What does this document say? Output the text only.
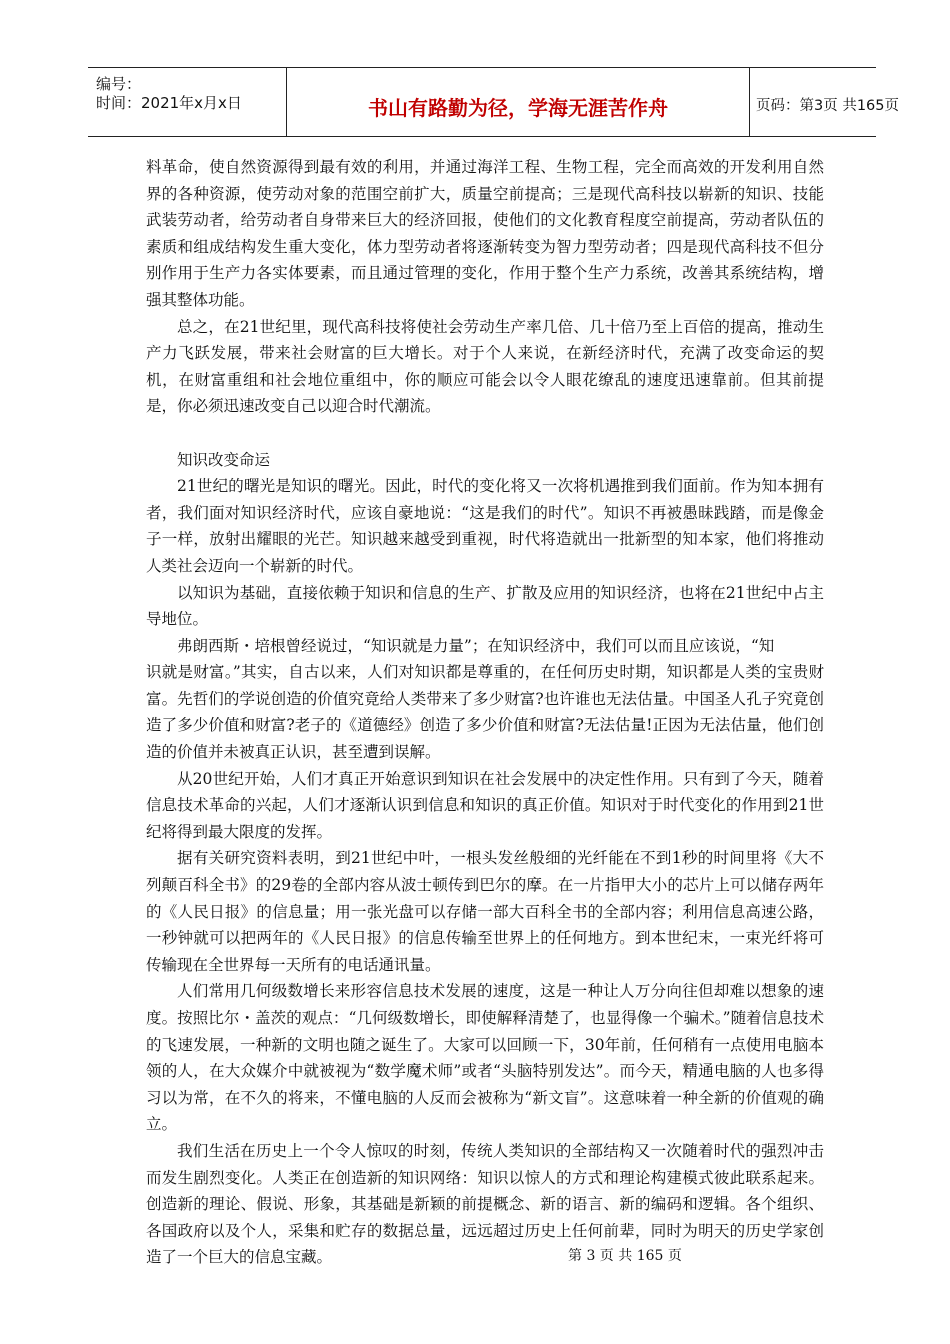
编号：
时间：2021年x月x日	书山有路勤为径，学海无涯苦作舟	页码：第3页 共165页

料革命，使自然资源得到最有效的利用，并通过海洋工程、生物工程，完全而高效的开发利用自然界的各种资源，使劳动对象的范围空前扩大，质量空前提高；三是现代高科技以崭新的知识、技能武装劳动者，给劳动者自身带来巨大的经济回报，使他们的文化教育程度空前提高，劳动者队伍的素质和组成结构发生重大变化，体力型劳动者将逐渐转变为智力型劳动者；四是现代高科技不但分别作用于生产力各实体要素，而且通过管理的变化，作用于整个生产力系统，改善其系统结构，增强其整体功能。

总之，在21世纪里，现代高科技将使社会劳动生产率几倍、几十倍乃至上百倍的提高，推动生产力飞跃发展，带来社会财富的巨大增长。对于个人来说，在新经济时代，充满了改变命运的契机，在财富重组和社会地位重组中，你的顺应可能会以令人眼花缭乱的速度迅速靠前。但其前提是，你必须迅速改变自己以迎合时代潮流。

知识改变命运

21世纪的曙光是知识的曙光。因此，时代的变化将又一次将机遇推到我们面前。作为知本拥有者，我们面对知识经济时代，应该自豪地说：“这是我们的时代”。知识不再被愚昧践踏，而是像金子一样，放射出耀眼的光芒。知识越来越受到重视，时代将造就出一批新型的知本家，他们将推动人类社会迈向一个崭新的时代。

以知识为基础，直接依赖于知识和信息的生产、扩散及应用的知识经济，也将在21世纪中占主导地位。

弗朗西斯・培根曾经说过，“知识就是力量”；在知识经济中，我们可以而且应该说，“知

识就是财富。”其实，自古以来，人们对知识都是尊重的，在任何历史时期，知识都是人类的宝贵财富。先哲们的学说创造的价值究竟给人类带来了多少财富?也许谁也无法估量。中国圣人孔子究竟创造了多少价值和财富?老子的《道德经》创造了多少价值和财富?无法估量!正因为无法估量，他们创造的价值并未被真正认识，甚至遭到误解。

从20世纪开始，人们才真正开始意识到知识在社会发展中的决定性作用。只有到了今天，随着信息技术革命的兴起，人们才逐渐认识到信息和知识的真正价值。知识对于时代变化的作用到21世纪将得到最大限度的发挥。

据有关研究资料表明，到21世纪中叶，一根头发丝般细的光纤能在不到1秒的时间里将《大不列颠百科全书》的29卷的全部内容从波士顿传到巴尔的摩。在一片指甲大小的芯片上可以储存两年的《人民日报》的信息量；用一张光盘可以存储一部大百科全书的全部内容；利用信息高速公路，一秒钟就可以把两年的《人民日报》的信息传输至世界上的任何地方。到本世纪末，一束光纤将可传输现在全世界每一天所有的电话通讯量。

人们常用几何级数增长来形容信息技术发展的速度，这是一种让人万分向往但却难以想象的速度。按照比尔・盖茨的观点：“几何级数增长，即使解释清楚了，也显得像一个骗术。”随着信息技术的飞速发展，一种新的文明也随之诞生了。大家可以回顾一下，30年前，任何稍有一点使用电脑本领的人，在大众媒介中就被视为“数学魔术师”或者“头脑特别发达”。而今天，精通电脑的人也多得习以为常，在不久的将来，不懂电脑的人反而会被称为“新文盲”。这意味着一种全新的价值观的确立。

我们生活在历史上一个令人惊叹的时刻，传统人类知识的全部结构又一次随着时代的强烈冲击而发生剧烈变化。人类正在创造新的知识网络：知识以惊人的方式和理论构建模式彼此联系起来。创造新的理论、假说、形象，其基础是新颖的前提概念、新的语言、新的编码和逻辑。各个组织、各国政府以及个人，采集和贮存的数据总量，远远超过历史上任何前辈，同时为明天的历史学家创造了一个巨大的信息宝藏。	第 3 页 共 165 页
